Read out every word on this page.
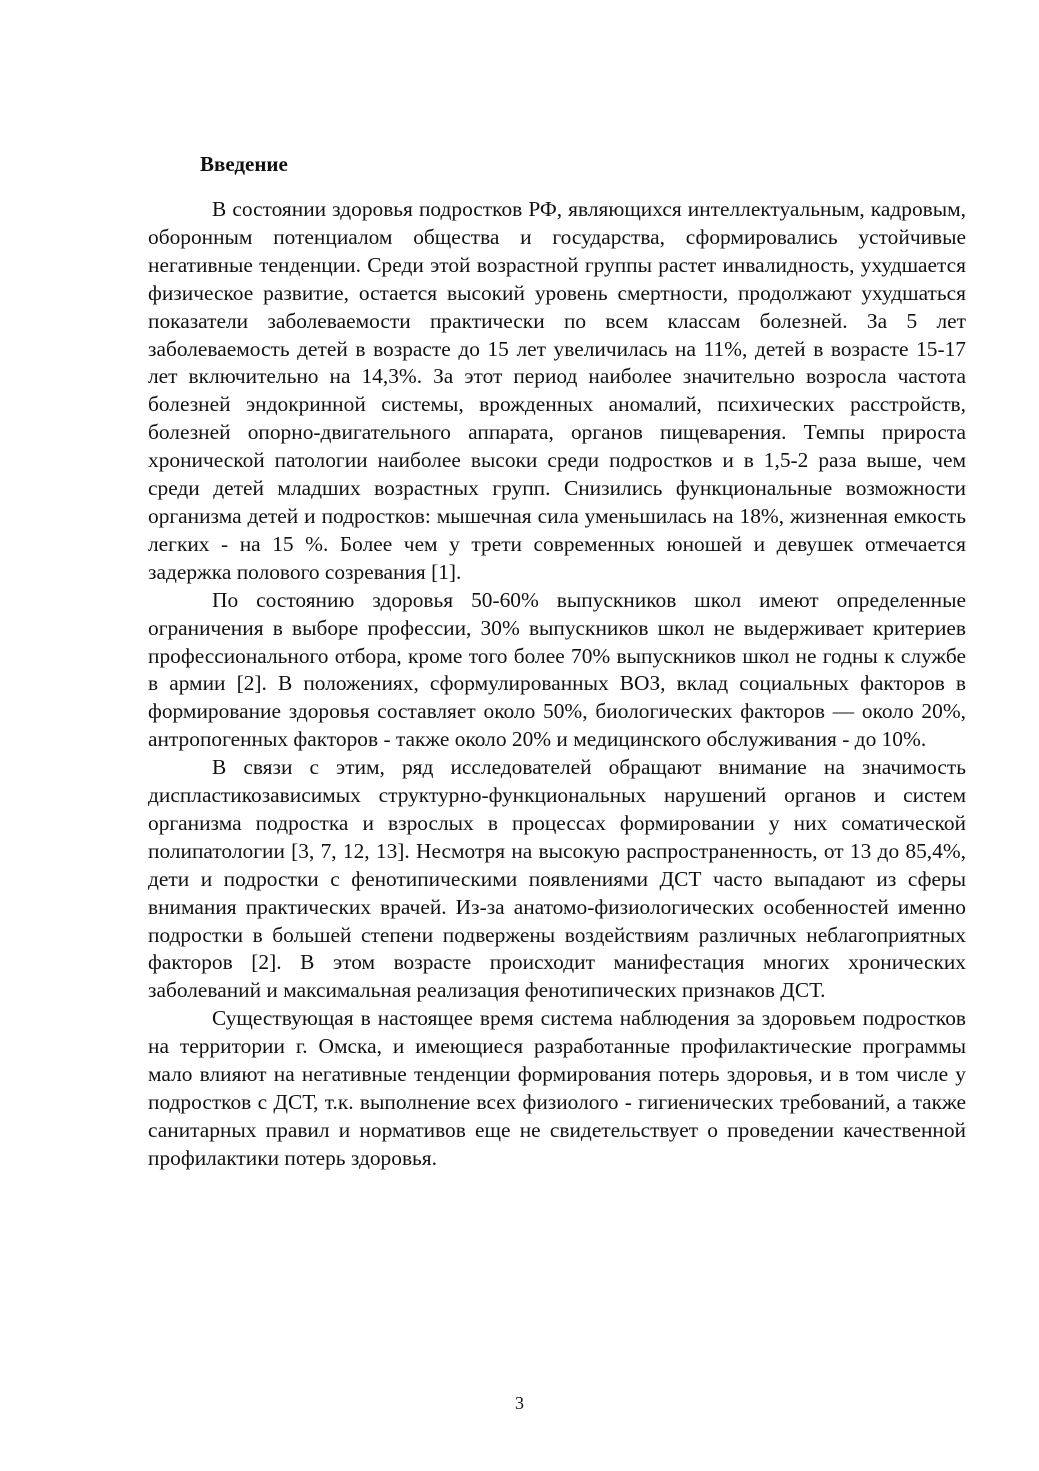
Введение

В состоянии здоровья подростков РФ, являющихся интеллектуальным, кадровым, оборонным потенциалом общества и государства, сформировались устойчивые негативные тенденции. Среди этой возрастной группы растет инвалидность, ухудшается физическое развитие, остается высокий уровень смертности, продолжают ухудшаться показатели заболеваемости практически по всем классам болезней. За 5 лет заболеваемость детей в возрасте до 15 лет увеличилась на 11%, детей в возрасте 15-17 лет включительно на 14,3%. За этот период наиболее значительно возросла частота болезней эндокринной системы, врожденных аномалий, психических расстройств, болезней опорно-двигательного аппарата, органов пищеварения. Темпы прироста хронической патологии наиболее высоки среди подростков и в 1,5-2 раза выше, чем среди детей младших возрастных групп. Снизились функциональные возможности организма детей и подростков: мышечная сила уменьшилась на 18%, жизненная емкость легких - на 15 %. Более чем у трети современных юношей и девушек отмечается задержка полового созревания [1].

По состоянию здоровья 50-60% выпускников школ имеют определенные ограничения в выборе профессии, 30% выпускников школ не выдерживает критериев профессионального отбора, кроме того более 70% выпускников школ не годны к службе в армии [2]. В положениях, сформулированных ВОЗ, вклад социальных факторов в формирование здоровья составляет около 50%, биологических факторов — около 20%, антропогенных факторов - также около 20% и медицинского обслуживания - до 10%.

В связи с этим, ряд исследователей обращают внимание на значимость диспластикозависимых структурно-функциональных нарушений органов и систем организма подростка и взрослых в процессах формировании у них соматической полипатологии [3, 7, 12, 13]. Несмотря на высокую распространенность, от 13 до 85,4%, дети и подростки с фенотипическими появлениями ДСТ часто выпадают из сферы внимания практических врачей. Из-за анатомо-физиологических особенностей именно подростки в большей степени подвержены воздействиям различных неблагоприятных факторов [2]. В этом возрасте происходит манифестация многих хронических заболеваний и максимальная реализация фенотипических признаков ДСТ.

Существующая в настоящее время система наблюдения за здоровьем подростков на территории г. Омска, и имеющиеся разработанные профилактические программы мало влияют на негативные тенденции формирования потерь здоровья, и в том числе у подростков с ДСТ, т.к. выполнение всех физиолого - гигиенических требований, а также санитарных правил и нормативов еще не свидетельствует о проведении качественной профилактики потерь здоровья.

3
